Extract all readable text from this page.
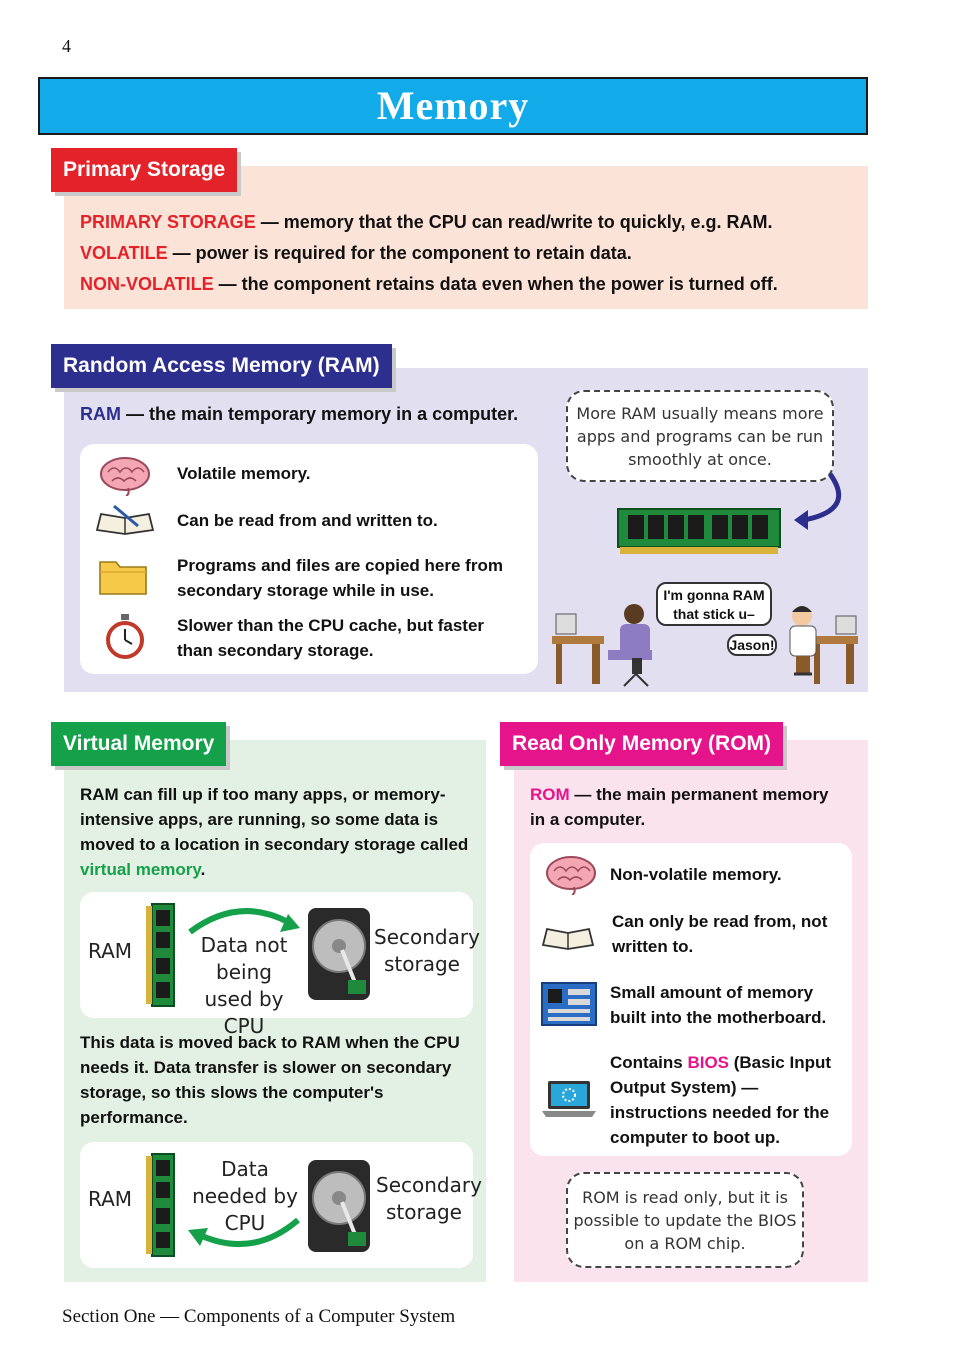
4
Memory
Primary Storage
PRIMARY STORAGE — memory that the CPU can read/write to quickly, e.g. RAM.
VOLATILE — power is required for the component to retain data.
NON-VOLATILE — the component retains data even when the power is turned off.
Random Access Memory (RAM)
RAM — the main temporary memory in a computer.
Volatile memory.
Can be read from and written to.
Programs and files are copied here from secondary storage while in use.
Slower than the CPU cache, but faster than secondary storage.
More RAM usually means more apps and programs can be run smoothly at once.
I'm gonna RAM that stick u–
Jason!
Virtual Memory
RAM can fill up if too many apps, or memory-intensive apps, are running, so some data is moved to a location in secondary storage called virtual memory.
RAM	Data not being used by CPU
Secondary storage
This data is moved back to RAM when the CPU needs it. Data transfer is slower on secondary storage, so this slows the computer's performance.
RAM
Data needed by CPU
Secondary storage
Read Only Memory (ROM)
ROM — the main permanent memory in a computer.
Non-volatile memory.
Can only be read from, not written to.
Small amount of memory built into the motherboard.
Contains BIOS (Basic Input Output System) — instructions needed for the computer to boot up.
ROM is read only, but it is possible to update the BIOS on a ROM chip.
Section One — Components of a Computer System
